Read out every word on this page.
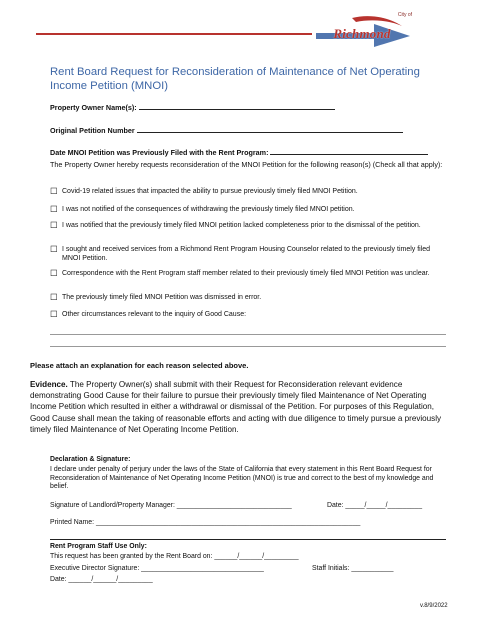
City of
Richmond
Rent Board Request for Reconsideration of Maintenance of Net Operating Income Petition (MNOI)
Property Owner Name(s):
Original Petition Number
Date MNOI Petition was Previously Filed with the Rent Program:
The Property Owner hereby requests reconsideration of the MNOI Petition for the following reason(s) (Check all that apply):
☐ Covid-19 related issues that impacted the ability to pursue previously timely filed MNOI Petition.
☐ I was not notified of the consequences of withdrawing the previously timely filed MNOI petition.
☐ I was notified that the previously timely filed MNOI petition lacked completeness prior to the dismissal of the petition.
☐ I sought and received services from a Richmond Rent Program Housing Counselor related to the previously timely filed MNOI Petition.
☐ Correspondence with the Rent Program staff member related to their previously timely filed MNOI Petition was unclear.
☐ The previously timely filed MNOI Petition was dismissed in error.
☐ Other circumstances relevant to the inquiry of Good Cause:
Please attach an explanation for each reason selected above.
Evidence. The Property Owner(s) shall submit with their Request for Reconsideration relevant evidence demonstrating Good Cause for their failure to pursue their previously timely filed Maintenance of Net Operating Income Petition which resulted in either a withdrawal or dismissal of the Petition. For purposes of this Regulation, Good Cause shall mean the taking of reasonable efforts and acting with due diligence to timely pursue a previously timely filed Maintenance of Net Operating Income Petition.
Declaration & Signature:
I declare under penalty of perjury under the laws of the State of California that every statement in this Rent Board Request for Reconsideration of Maintenance of Net Operating Income Petition (MNOI) is true and correct to the best of my knowledge and belief.
Signature of Landlord/Property Manager: ______________________________	Date: _____/_____/_________
Printed Name: _____________________________________________________________________
Rent Program Staff Use Only:
This request has been granted by the Rent Board on: ______/______/_________
Executive Director Signature: ________________________________	Staff Initials: ___________
Date: ______/______/_________
v.8/9/2022
